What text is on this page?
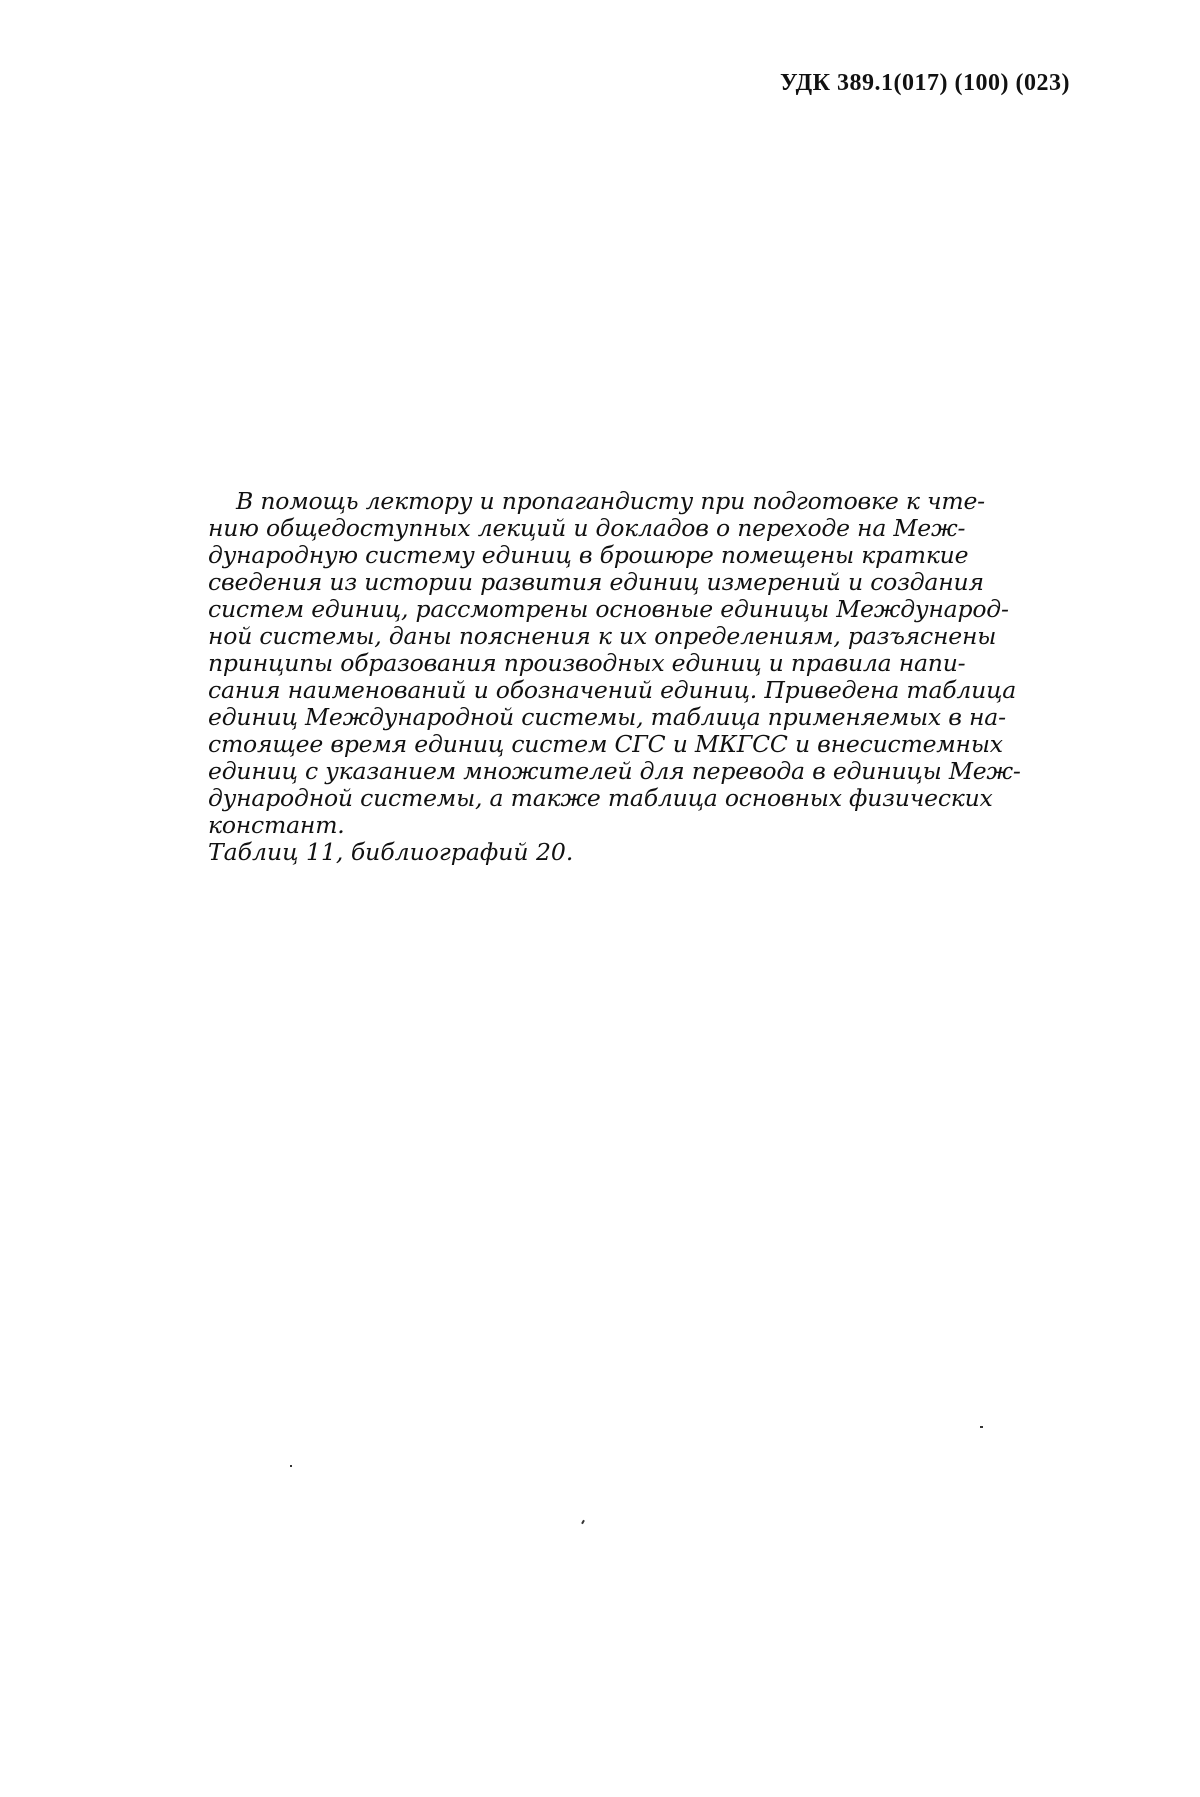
УДК 389.1(017) (100) (023)
В помощь лектору и пропагандисту при подготовке к чте-
нию общедоступных лекций и докладов о переходе на Меж-
дународную систему единиц в брошюре помещены краткие
сведения из истории развития единиц измерений и создания
систем единиц, рассмотрены основные единицы Международ-
ной системы, даны пояснения к их определениям, разъяснены
принципы образования производных единиц и правила напи-
сания наименований и обозначений единиц. Приведена таблица
единиц Международной системы, таблица применяемых в на-
стоящее время единиц систем СГС и МКГСС и внесистемных
единиц с указанием множителей для перевода в единицы Меж-
дународной системы, а также таблица основных физических
констант.
Таблиц 11, библиографий 20.
